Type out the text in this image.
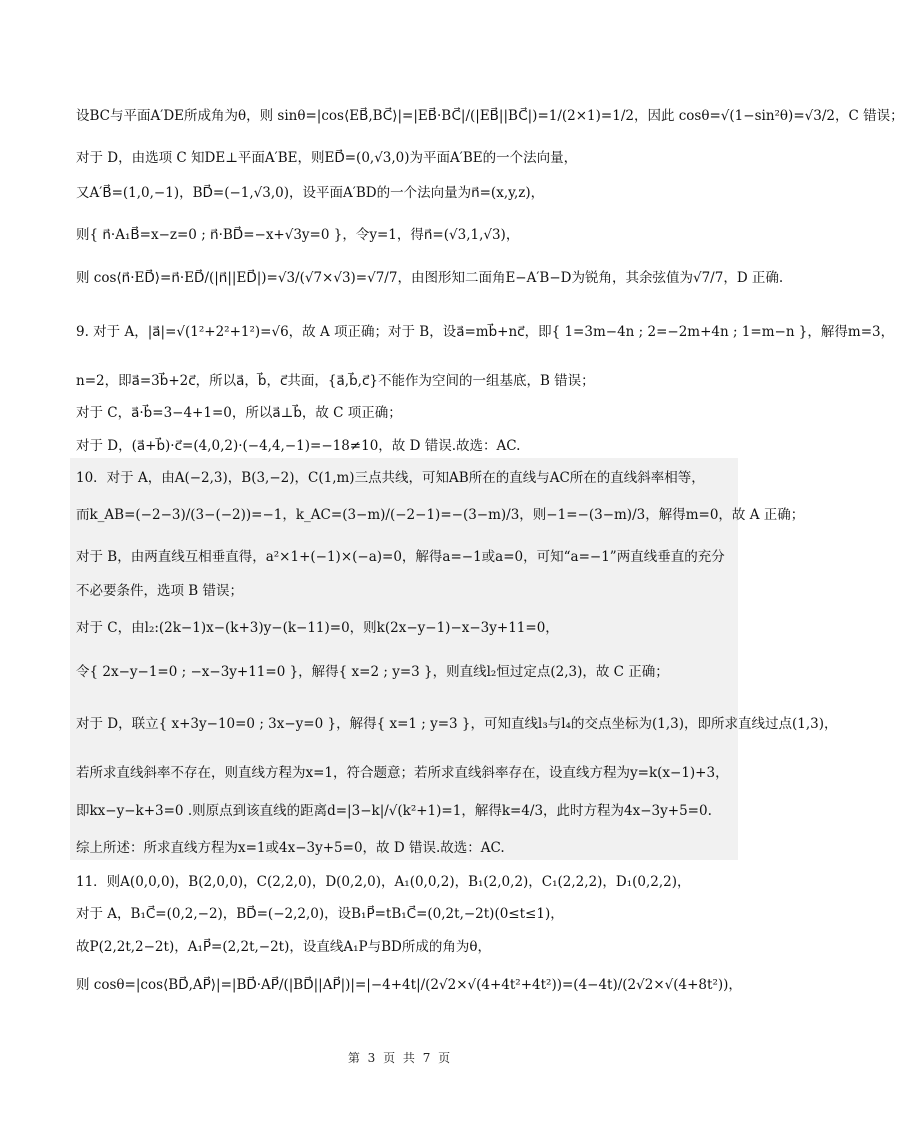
设BC与平面A′DE所成角为θ，则 sinθ=|cos⟨EB⃗,BC⃗⟩|=|EB⃗·BC⃗|/(|EB⃗||BC⃗|)=1/(2×1)=1/2，因此 cosθ=√(1−sin²θ)=√3/2，C 错误；
对于 D，由选项 C 知DE⊥平面A′BE，则ED⃗=(0,√3,0)为平面A′BE的一个法向量，
又A′B⃗=(1,0,−1)，BD⃗=(−1,√3,0)，设平面A′BD的一个法向量为n⃗=(x,y,z)，
则{ n⃗·A₁B⃗=x−z=0 ; n⃗·BD⃗=−x+√3y=0 }，令y=1，得n⃗=(√3,1,√3)，
则 cos⟨n⃗·ED⃗⟩=n⃗·ED⃗/(|n⃗||ED⃗|)=√3/(√7×√3)=√7/7，由图形知二面角E−A′B−D为锐角，其余弦值为√7/7，D 正确.
9. 对于 A，|a⃗|=√(1²+2²+1²)=√6，故 A 项正确；对于 B，设a⃗=mb⃗+nc⃗，即{ 1=3m−4n ; 2=−2m+4n ; 1=m−n }，解得m=3，
n=2，即a⃗=3b⃗+2c⃗，所以a⃗，b⃗，c⃗共面，{a⃗,b⃗,c⃗}不能作为空间的一组基底，B 错误；
对于 C，a⃗·b⃗=3−4+1=0，所以a⃗⊥b⃗，故 C 项正确；
对于 D，(a⃗+b⃗)·c⃗=(4,0,2)·(−4,4,−1)=−18≠10，故 D 错误.故选：AC.
10．对于 A，由A(−2,3)，B(3,−2)，C(1,m)三点共线，可知AB所在的直线与AC所在的直线斜率相等，
而k_AB=(−2−3)/(3−(−2))=−1，k_AC=(3−m)/(−2−1)=−(3−m)/3，则−1=−(3−m)/3，解得m=0，故 A 正确；
对于 B，由两直线互相垂直得，a²×1+(−1)×(−a)=0，解得a=−1或a=0，可知“a=−1”两直线垂直的充分
不必要条件，选项 B 错误；
对于 C，由l₂:(2k−1)x−(k+3)y−(k−11)=0，则k(2x−y−1)−x−3y+11=0，
令{ 2x−y−1=0 ; −x−3y+11=0 }，解得{ x=2 ; y=3 }，则直线l₂恒过定点(2,3)，故 C 正确；
对于 D，联立{ x+3y−10=0 ; 3x−y=0 }，解得{ x=1 ; y=3 }，可知直线l₃与l₄的交点坐标为(1,3)，即所求直线过点(1,3)，
若所求直线斜率不存在，则直线方程为x=1，符合题意；若所求直线斜率存在，设直线方程为y=k(x−1)+3，
即kx−y−k+3=0 .则原点到该直线的距离d=|3−k|/√(k²+1)=1，解得k=4/3，此时方程为4x−3y+5=0.
综上所述：所求直线方程为x=1或4x−3y+5=0，故 D 错误.故选：AC.
11．则A(0,0,0)，B(2,0,0)，C(2,2,0)，D(0,2,0)，A₁(0,0,2)，B₁(2,0,2)，C₁(2,2,2)，D₁(0,2,2)，
对于 A，B₁C⃗=(0,2,−2)，BD⃗=(−2,2,0)，设B₁P⃗=tB₁C⃗=(0,2t,−2t)(0≤t≤1)，
故P(2,2t,2−2t)，A₁P⃗=(2,2t,−2t)，设直线A₁P与BD所成的角为θ，
则 cosθ=|cos⟨BD⃗,AP⃗⟩|=|BD⃗·AP⃗/(|BD⃗||AP⃗|)|=|−4+4t|/(2√2×√(4+4t²+4t²))=(4−4t)/(2√2×√(4+8t²))，
第 3 页 共 7 页
